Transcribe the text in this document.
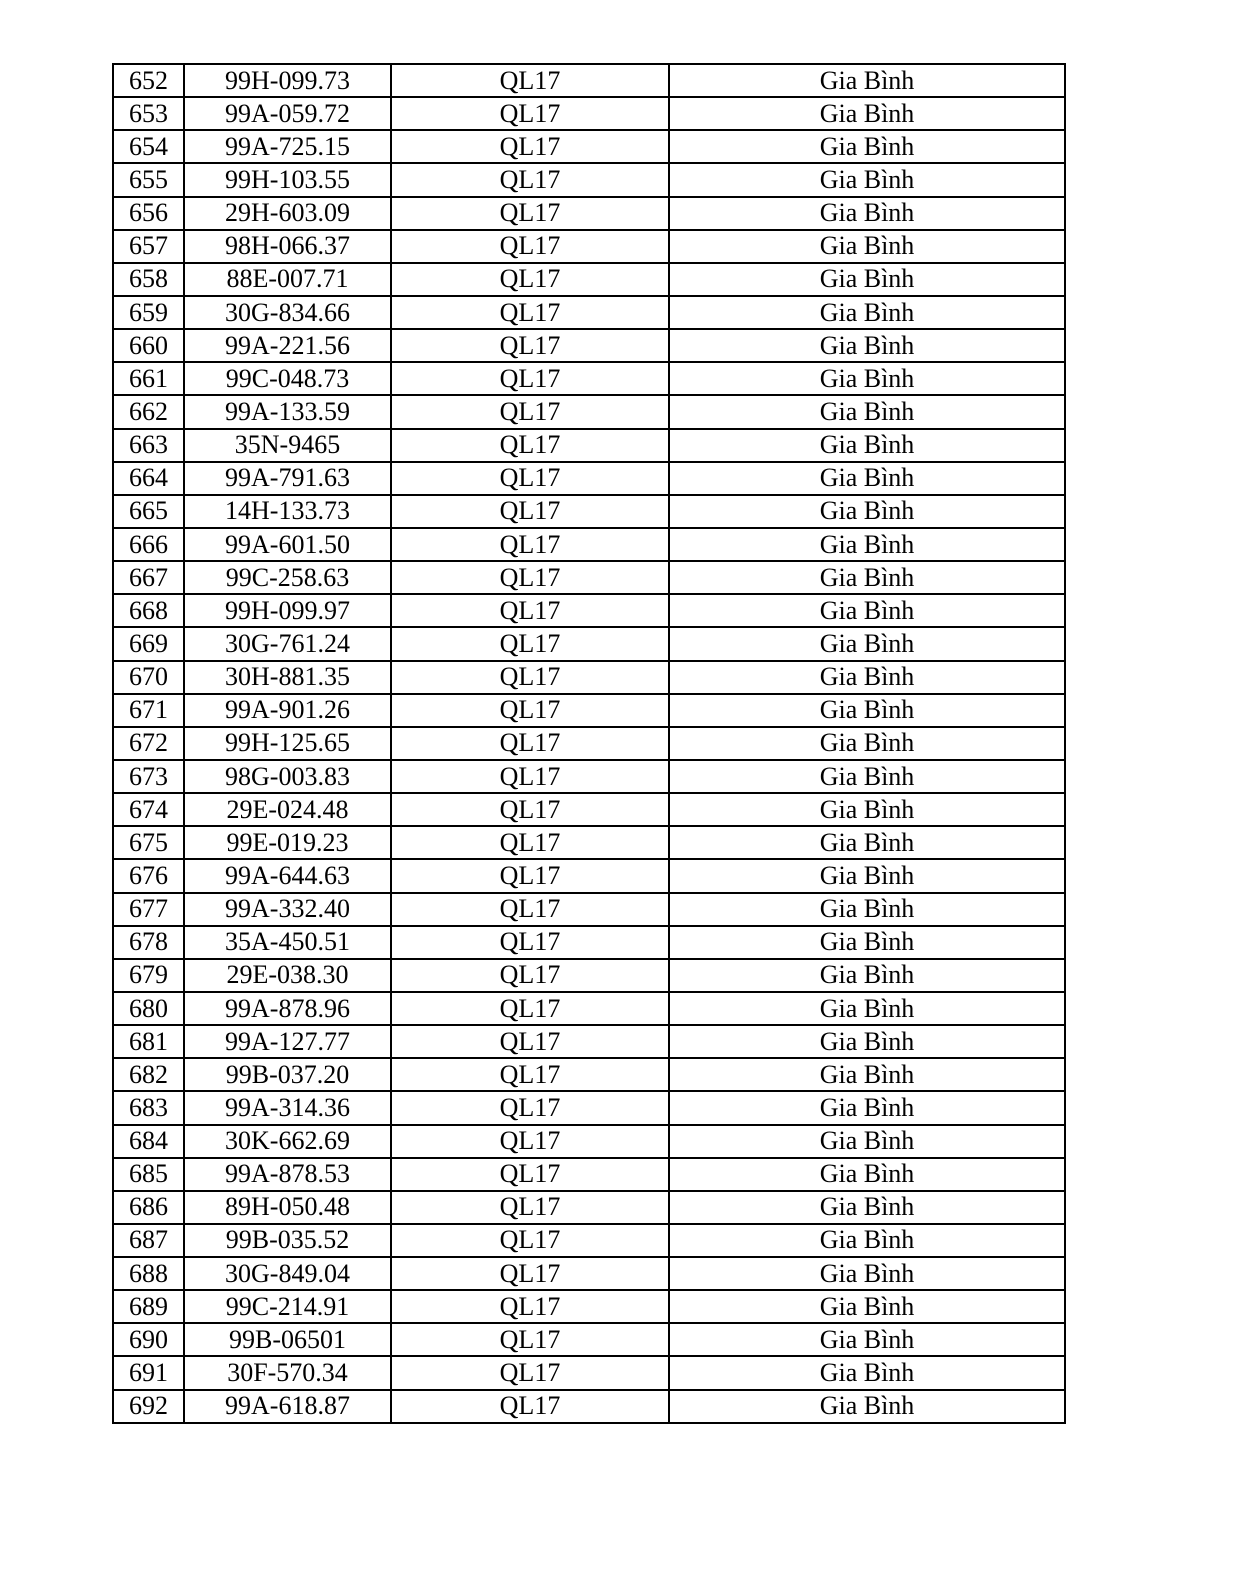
652	99H-099.73	QL17	Gia Bình
653	99A-059.72	QL17	Gia Bình
654	99A-725.15	QL17	Gia Bình
655	99H-103.55	QL17	Gia Bình
656	29H-603.09	QL17	Gia Bình
657	98H-066.37	QL17	Gia Bình
658	88E-007.71	QL17	Gia Bình
659	30G-834.66	QL17	Gia Bình
660	99A-221.56	QL17	Gia Bình
661	99C-048.73	QL17	Gia Bình
662	99A-133.59	QL17	Gia Bình
663	35N-9465	QL17	Gia Bình
664	99A-791.63	QL17	Gia Bình
665	14H-133.73	QL17	Gia Bình
666	99A-601.50	QL17	Gia Bình
667	99C-258.63	QL17	Gia Bình
668	99H-099.97	QL17	Gia Bình
669	30G-761.24	QL17	Gia Bình
670	30H-881.35	QL17	Gia Bình
671	99A-901.26	QL17	Gia Bình
672	99H-125.65	QL17	Gia Bình
673	98G-003.83	QL17	Gia Bình
674	29E-024.48	QL17	Gia Bình
675	99E-019.23	QL17	Gia Bình
676	99A-644.63	QL17	Gia Bình
677	99A-332.40	QL17	Gia Bình
678	35A-450.51	QL17	Gia Bình
679	29E-038.30	QL17	Gia Bình
680	99A-878.96	QL17	Gia Bình
681	99A-127.77	QL17	Gia Bình
682	99B-037.20	QL17	Gia Bình
683	99A-314.36	QL17	Gia Bình
684	30K-662.69	QL17	Gia Bình
685	99A-878.53	QL17	Gia Bình
686	89H-050.48	QL17	Gia Bình
687	99B-035.52	QL17	Gia Bình
688	30G-849.04	QL17	Gia Bình
689	99C-214.91	QL17	Gia Bình
690	99B-06501	QL17	Gia Bình
691	30F-570.34	QL17	Gia Bình
692	99A-618.87	QL17	Gia Bình
